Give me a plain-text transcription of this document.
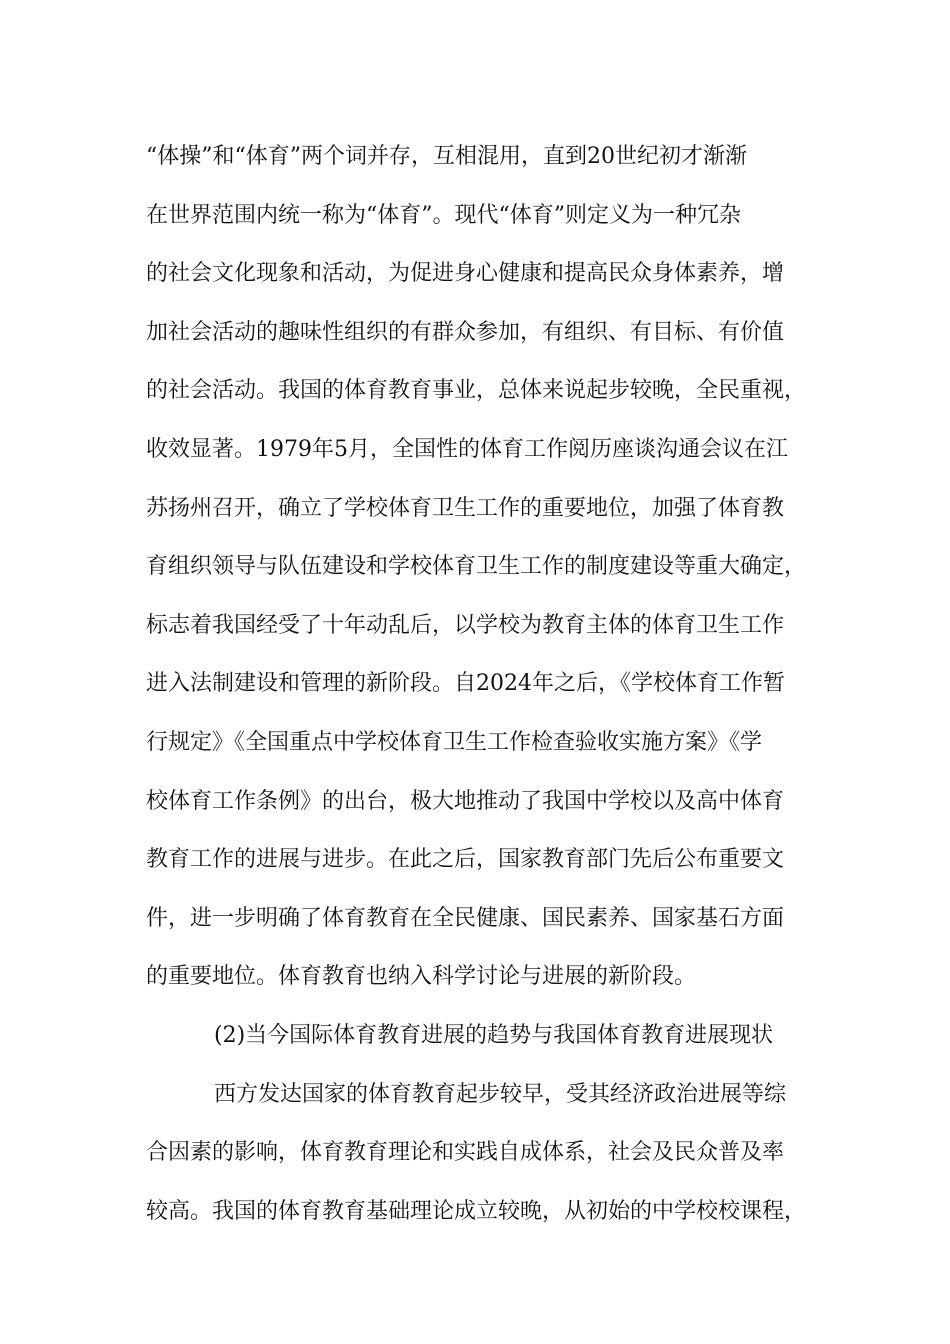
“体操”和“体育”两个词并存，互相混用，直到20世纪初才渐渐
在世界范围内统一称为“体育”。现代“体育”则定义为一种冗杂
的社会文化现象和活动，为促进身心健康和提高民众身体素养，增
加社会活动的趣味性组织的有群众参加，有组织、有目标、有价值
的社会活动。我国的体育教育事业，总体来说起步较晚，全民重视，
收效显著。1979年5月，全国性的体育工作阅历座谈沟通会议在江
苏扬州召开，确立了学校体育卫生工作的重要地位，加强了体育教
育组织领导与队伍建设和学校体育卫生工作的制度建设等重大确定，
标志着我国经受了十年动乱后，以学校为教育主体的体育卫生工作
进入法制建设和管理的新阶段。自2024年之后，《学校体育工作暂
行规定》《全国重点中学校体育卫生工作检查验收实施方案》《学
校体育工作条例》的出台，极大地推动了我国中学校以及高中体育
教育工作的进展与进步。在此之后，国家教育部门先后公布重要文
件，进一步明确了体育教育在全民健康、国民素养、国家基石方面
的重要地位。体育教育也纳入科学讨论与进展的新阶段。
(2)当今国际体育教育进展的趋势与我国体育教育进展现状
西方发达国家的体育教育起步较早，受其经济政治进展等综
合因素的影响，体育教育理论和实践自成体系，社会及民众普及率
较高。我国的体育教育基础理论成立较晚，从初始的中学校校课程，
